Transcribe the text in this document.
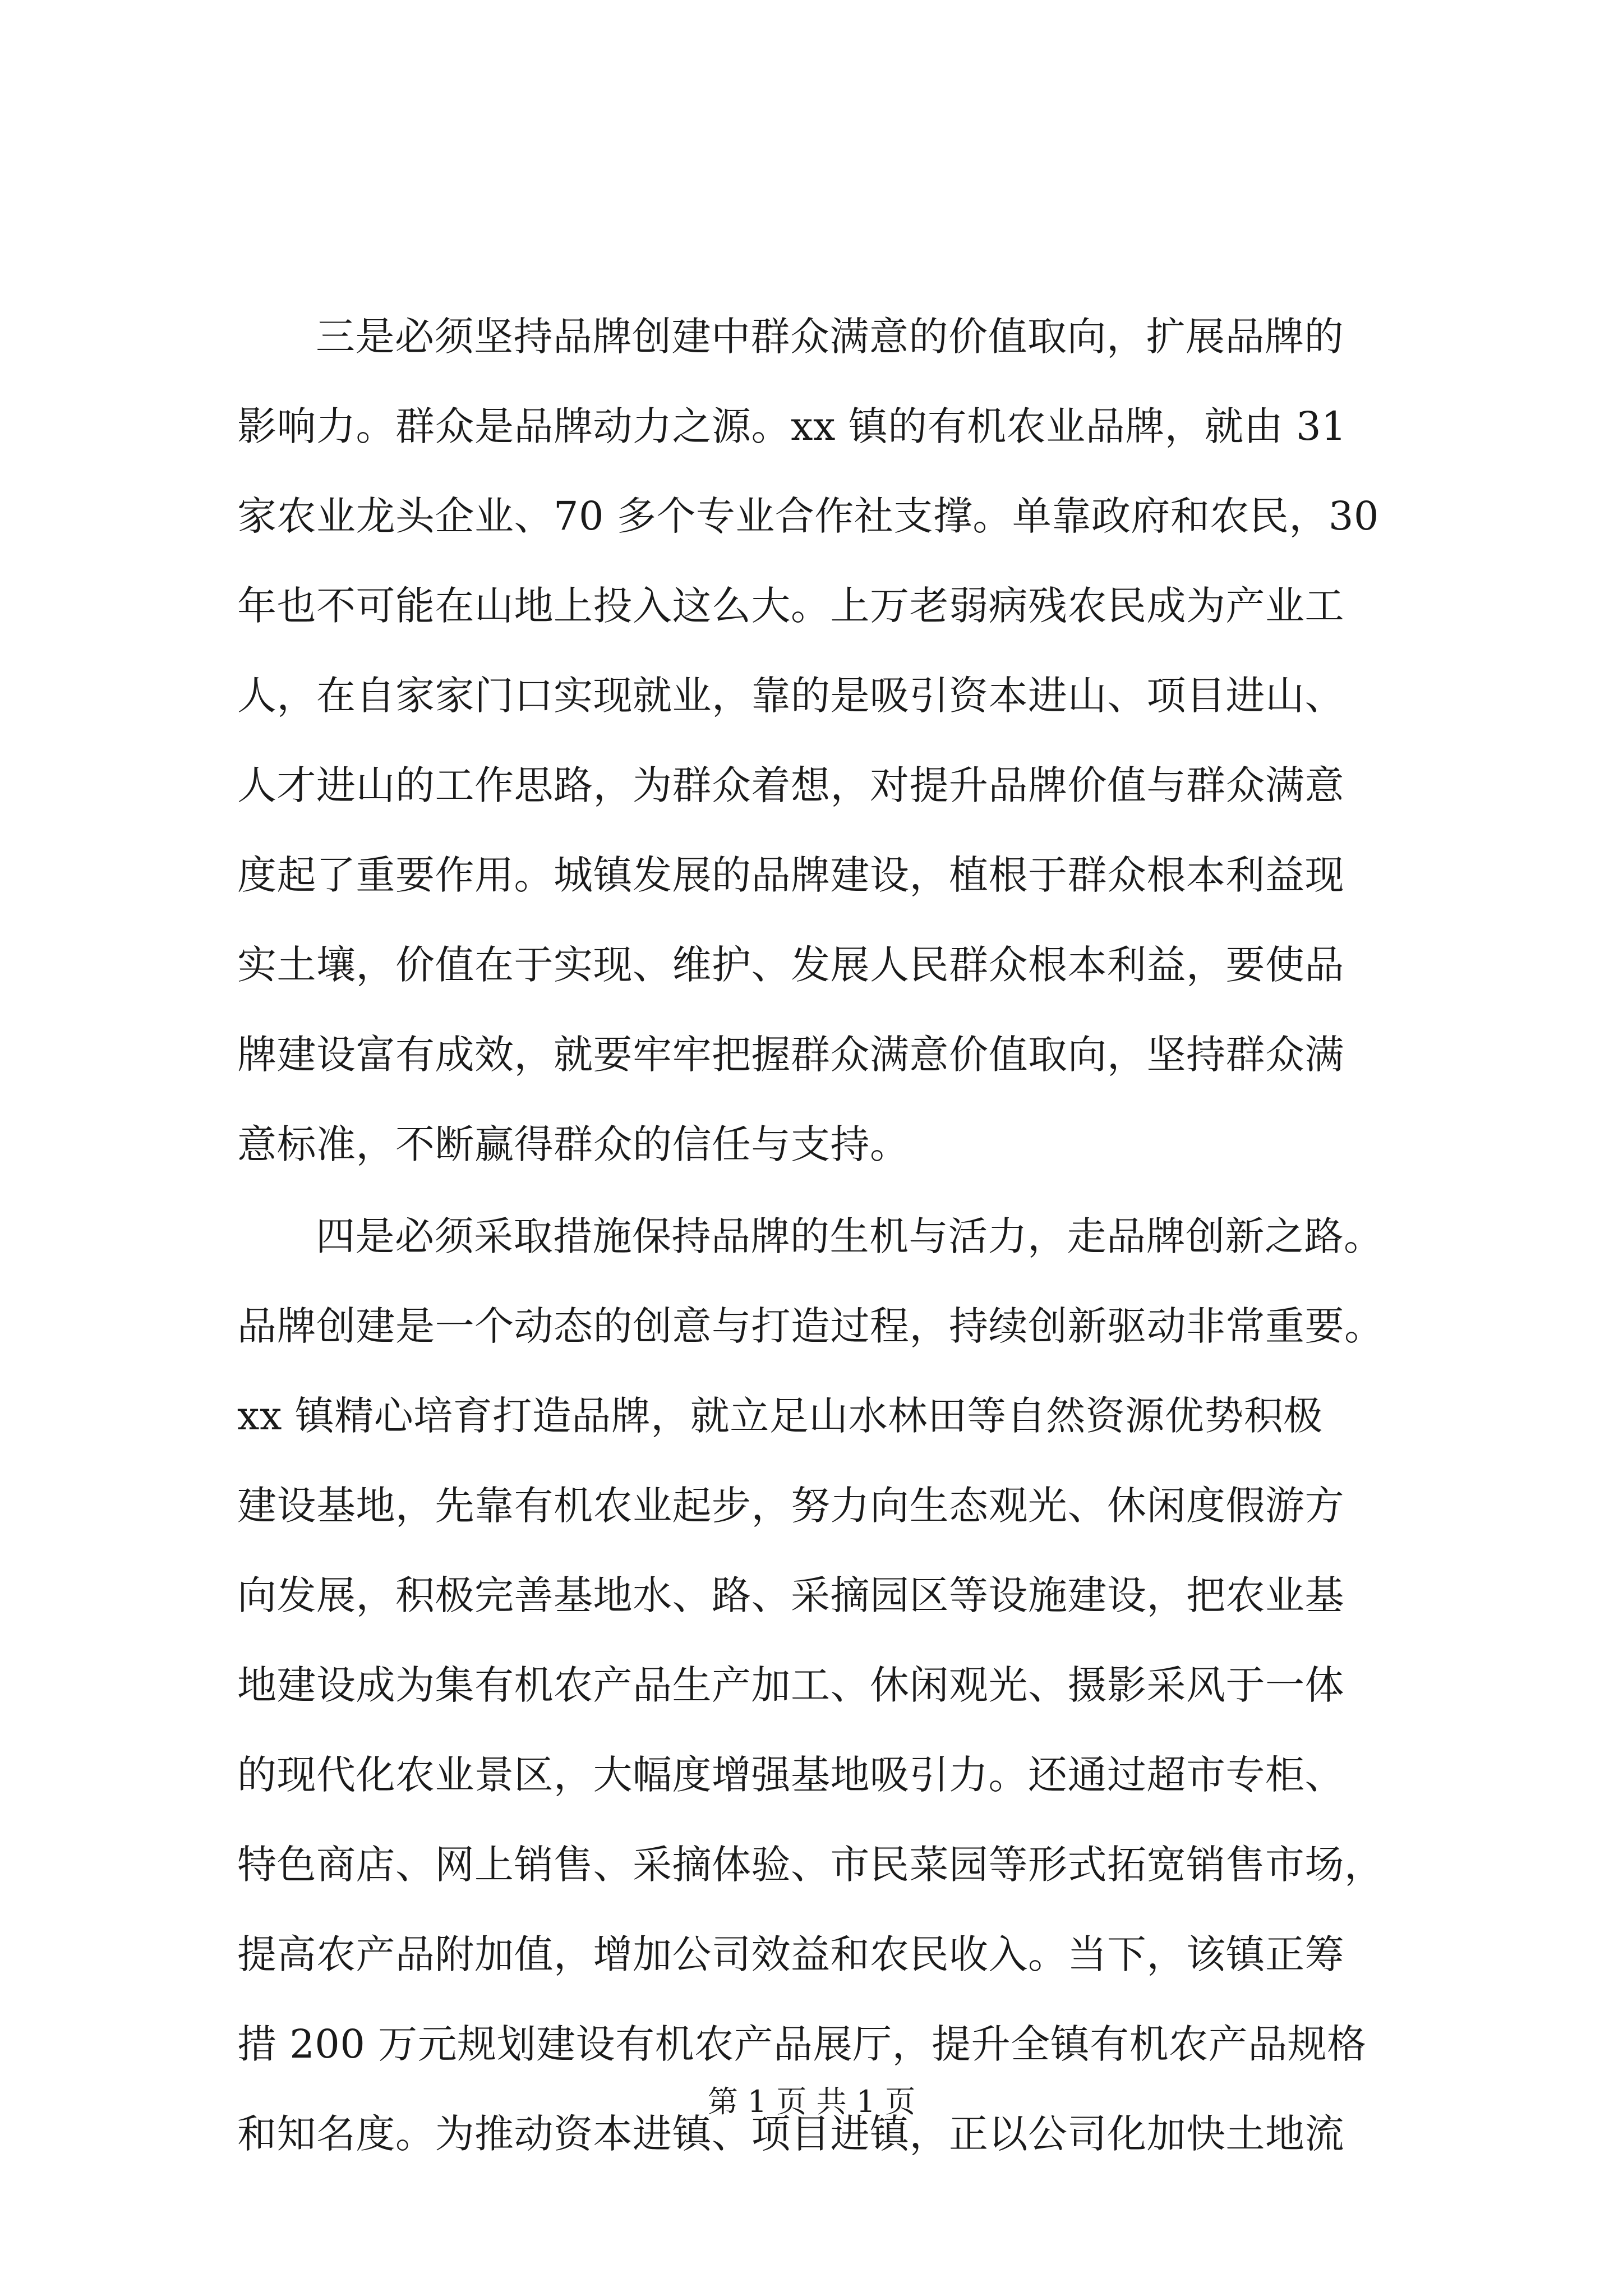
三是必须坚持品牌创建中群众满意的价值取向，扩展品牌的
影响力。群众是品牌动力之源。xx 镇的有机农业品牌，就由 31
家农业龙头企业、70 多个专业合作社支撑。单靠政府和农民，30
年也不可能在山地上投入这么大。上万老弱病残农民成为产业工
人，在自家家门口实现就业，靠的是吸引资本进山、项目进山、
人才进山的工作思路，为群众着想，对提升品牌价值与群众满意
度起了重要作用。城镇发展的品牌建设，植根于群众根本利益现
实土壤，价值在于实现、维护、发展人民群众根本利益，要使品
牌建设富有成效，就要牢牢把握群众满意价值取向，坚持群众满
意标准，不断赢得群众的信任与支持。
四是必须采取措施保持品牌的生机与活力，走品牌创新之路。
品牌创建是一个动态的创意与打造过程，持续创新驱动非常重要。
xx 镇精心培育打造品牌，就立足山水林田等自然资源优势积极
建设基地，先靠有机农业起步，努力向生态观光、休闲度假游方
向发展，积极完善基地水、路、采摘园区等设施建设，把农业基
地建设成为集有机农产品生产加工、休闲观光、摄影采风于一体
的现代化农业景区，大幅度增强基地吸引力。还通过超市专柜、
特色商店、网上销售、采摘体验、市民菜园等形式拓宽销售市场，
提高农产品附加值，增加公司效益和农民收入。当下，该镇正筹
措 200 万元规划建设有机农产品展厅，提升全镇有机农产品规格
和知名度。为推动资本进镇、项目进镇，正以公司化加快土地流
第 1 页 共 1 页
